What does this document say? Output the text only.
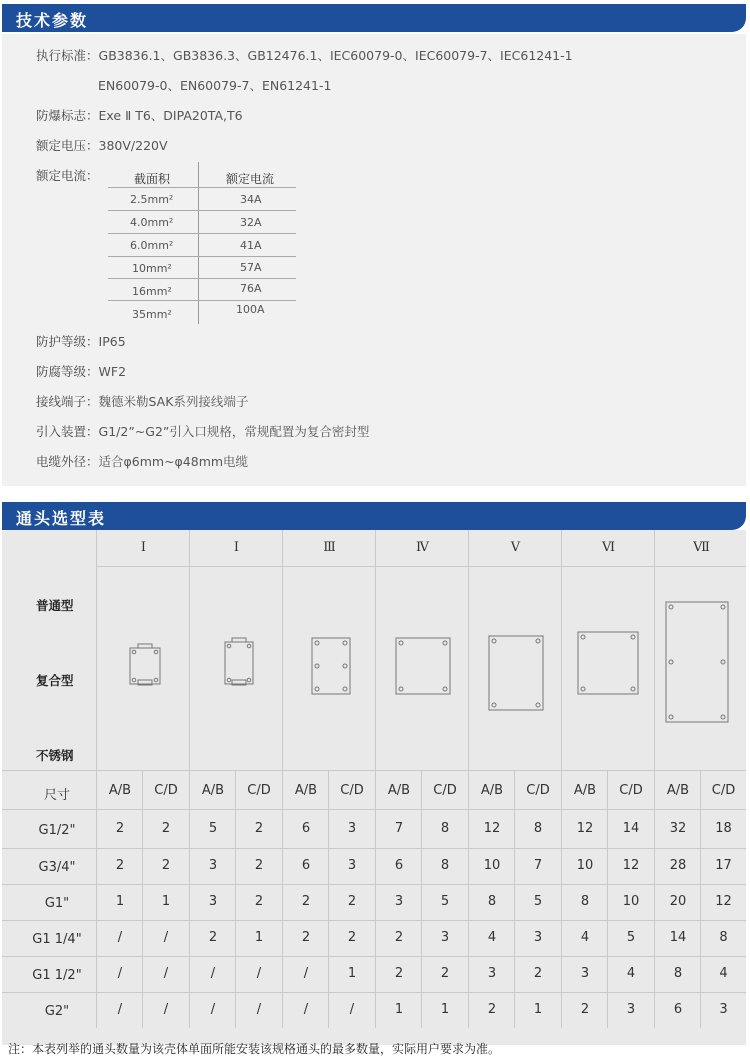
技术参数
执行标准：GB3836.1、GB3836.3、GB12476.1、IEC60079-0、IEC60079-7、IEC61241-1
EN60079-0、EN60079-7、EN61241-1
防爆标志：Exe Ⅱ T6、DIPA20TA,T6
额定电压：380V/220V
额定电流：	截面积	额定电流
2.5mm²	34A
4.0mm²	32A
6.0mm²	41A
10mm²	57A
16mm²	76A
35mm²	100A
防护等级：IP65
防腐等级：WF2
接线端子：魏德米勒SAK系列接线端子
引入装置：G1/2”~G2”引入口规格，常规配置为复合密封型
电缆外径：适合φ6mm~φ48mm电缆
通头选型表
Ⅰ	Ⅰ	Ⅲ	Ⅳ	Ⅴ	Ⅵ	Ⅶ
普通型
复合型
不锈钢
尺寸	A/B	C/D	A/B	C/D	A/B	C/D	A/B	C/D	A/B	C/D	A/B	C/D	A/B	C/D
G1/2"	2	2	5	2	6	3	7	8	12	8	12	14	32	18
G3/4"	2	2	3	2	6	3	6	8	10	7	10	12	28	17
G1"	1	1	3	2	2	2	3	5	8	5	8	10	20	12
G1 1/4"	/	/	2	1	2	2	2	3	4	3	4	5	14	8
G1 1/2"	/	/	/	/	/	1	2	2	3	2	3	4	8	4
G2"	/	/	/	/	/	/	1	1	2	1	2	3	6	3
注：本表列举的通头数量为该壳体单面所能安装该规格通头的最多数量，实际用户要求为准。
